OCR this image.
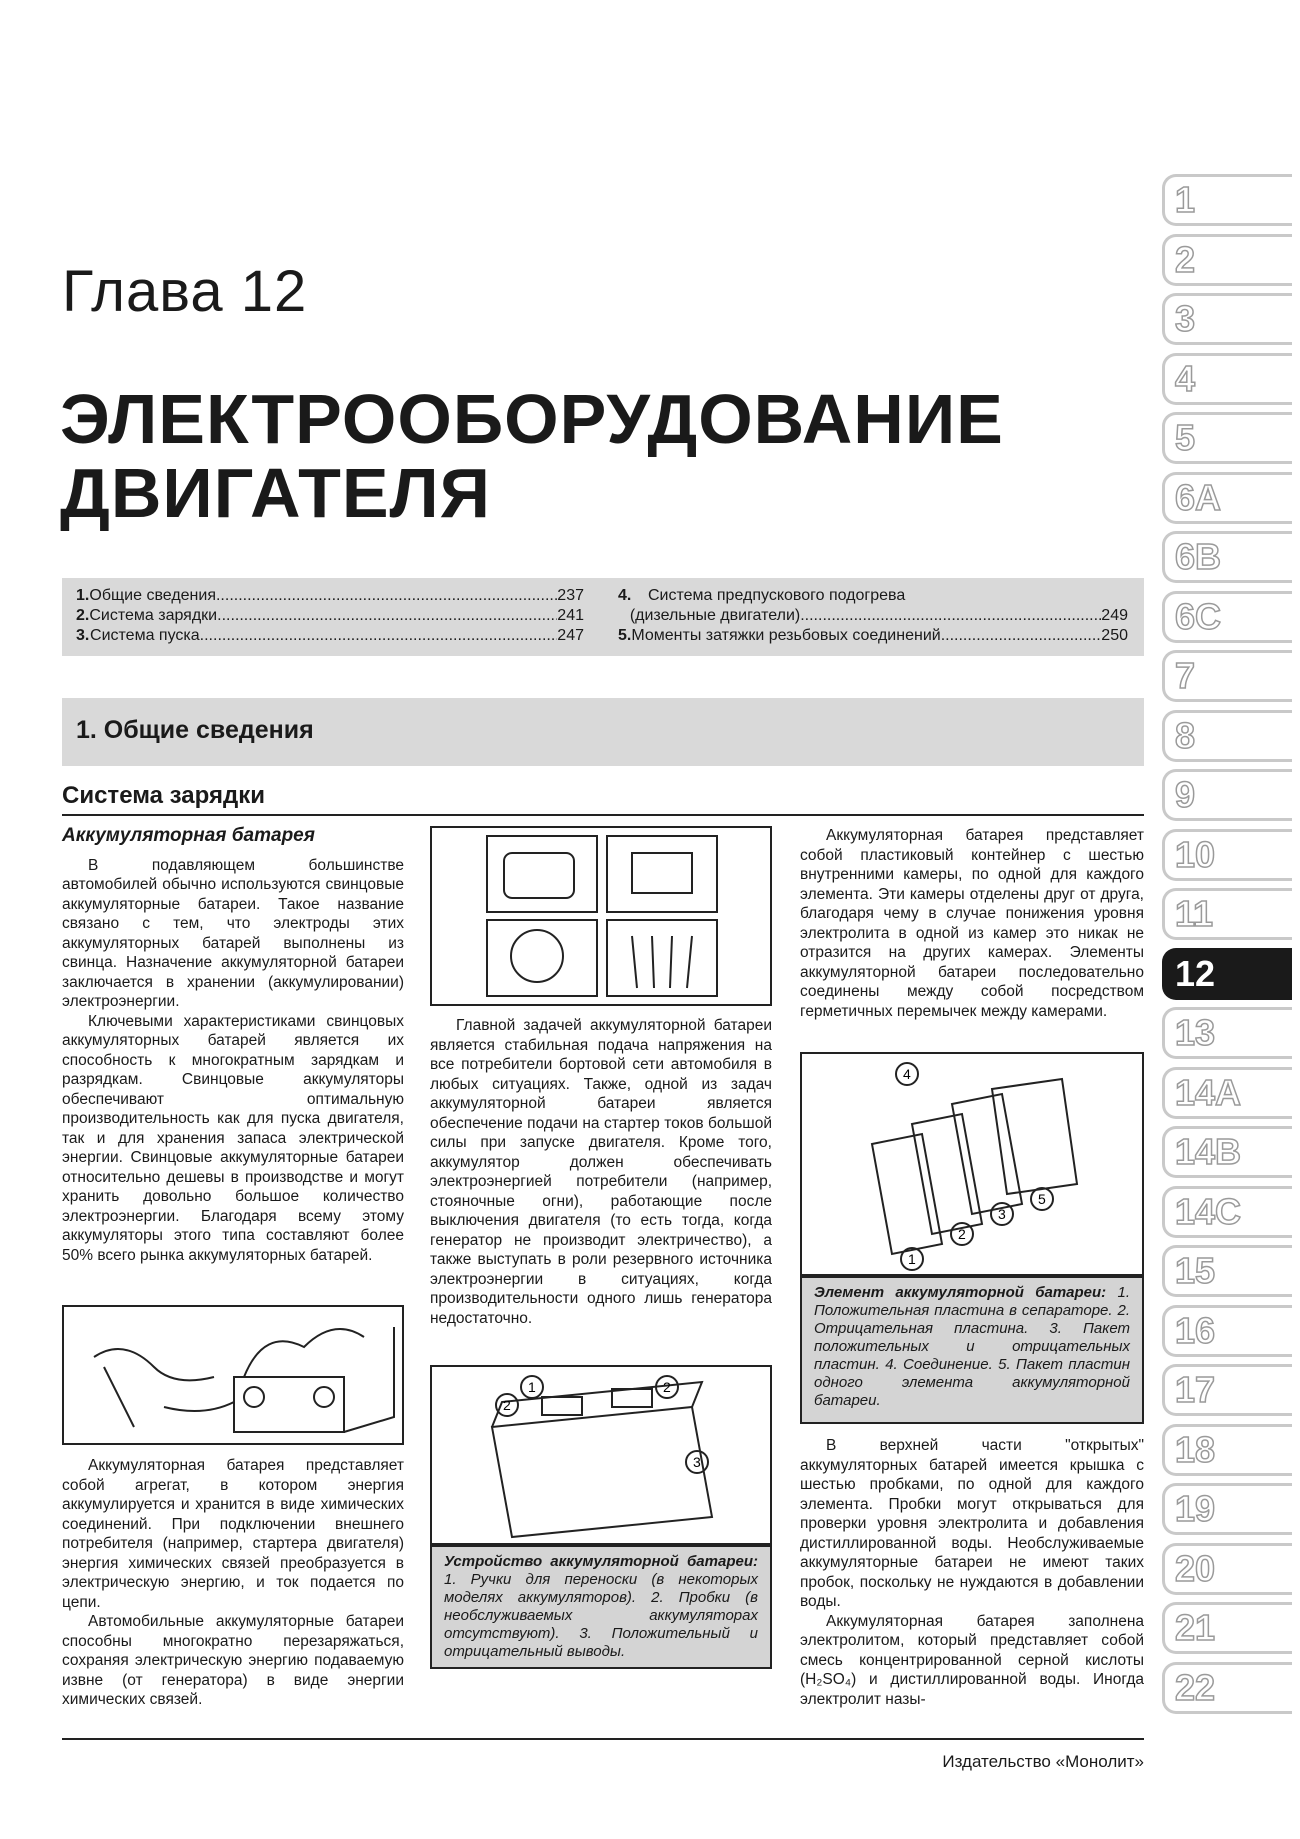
Глава 12
ЭЛЕКТРООБОРУДОВАНИЕ
ДВИГАТЕЛЯ
1. Общие сведения .....	237
2. Система зарядки .....	241
3. Система пуска .....	247
4.	Система предпускового подогрева
(дизельные двигатели) .....	249
5. Моменты затяжки резьбовых соединений .....	250
1. Общие сведения
Система зарядки
Аккумуляторная батарея

В подавляющем большинстве автомобилей обычно используются свинцовые аккумуляторные батареи. Такое название связано с тем, что электроды этих аккумуляторных батарей выполнены из свинца. Назначение аккумуляторной батареи заключается в хранении (аккумулировании) электроэнергии.

Ключевыми характеристиками свинцовых аккумуляторных батарей является их способность к многократным зарядкам и разрядкам. Свинцовые аккумуляторы обеспечивают оптимальную производительность как для пуска двигателя, так и для хранения запаса электрической энергии. Свинцовые аккумуляторные батареи относительно дешевы в производстве и могут хранить довольно большое количество электроэнергии. Благодаря всему этому аккумуляторы этого типа составляют более 50% всего рынка аккумуляторных батарей.

Аккумуляторная батарея представляет собой агрегат, в котором энергия аккумулируется и хранится в виде химических соединений. При подключении внешнего потребителя (например, стартера двигателя) энергия химических связей преобразуется в электрическую энергию, и ток подается по цепи.

Автомобильные аккумуляторные батареи способны многократно перезаряжаться, сохраняя электрическую энергию подаваемую извне (от генератора) в виде энергии химических связей.

Главной задачей аккумуляторной батареи является стабильная подача напряжения на все потребители бортовой сети автомобиля в любых ситуациях. Также, одной из задач аккумуляторной батареи является обеспечение подачи на стартер токов большой силы при запуске двигателя. Кроме того, аккумулятор должен обеспечивать электроэнергией потребители (например, стояночные огни), работающие после выключения двигателя (то есть тогда, когда генератор не производит электричество), а также выступать в роли резервного источника электроэнергии в ситуациях, когда производительности одного лишь генератора недостаточно.

1
2
2
3
Устройство аккумуляторной батареи: 1. Ручки для переноски (в некоторых моделях аккумуляторов). 2. Пробки (в необслуживаемых аккумуляторах отсутствуют). 3. Положительный и отрицательный выводы.

Аккумуляторная батарея представляет собой пластиковый контейнер с шестью внутренними камеры, по одной для каждого элемента. Эти камеры отделены друг от друга, благодаря чему в случае понижения уровня электролита в одной из камер это никак не отразится на других камерах. Элементы аккумуляторной батареи последовательно соединены между собой посредством герметичных перемычек между камерами.

1
2
3
4
5
Элемент аккумуляторной батареи: 1. Положительная пластина в сепараторе. 2. Отрицательная пластина. 3. Пакет положительных и отрицательных пластин. 4. Соединение. 5. Пакет пластин одного элемента аккумуляторной батареи.

В верхней части "открытых" аккумуляторных батарей имеется крышка с шестью пробками, по одной для каждого элемента. Пробки могут открываться для проверки уровня электролита и добавления дистиллированной воды. Необслуживаемые аккумуляторные батареи не имеют таких пробок, поскольку не нуждаются в добавлении воды.

Аккумуляторная батарея заполнена электролитом, который представляет собой смесь концентрированной серной кислоты (H₂SO₄) и дистиллированной воды. Иногда электролит назы-

Издательство «Монолит»
1
2
3
4
5
6A
6B
6C
7
8
9
10
11
12
13
14A
14B
14C
15
16
17
18
19
20
21
22
